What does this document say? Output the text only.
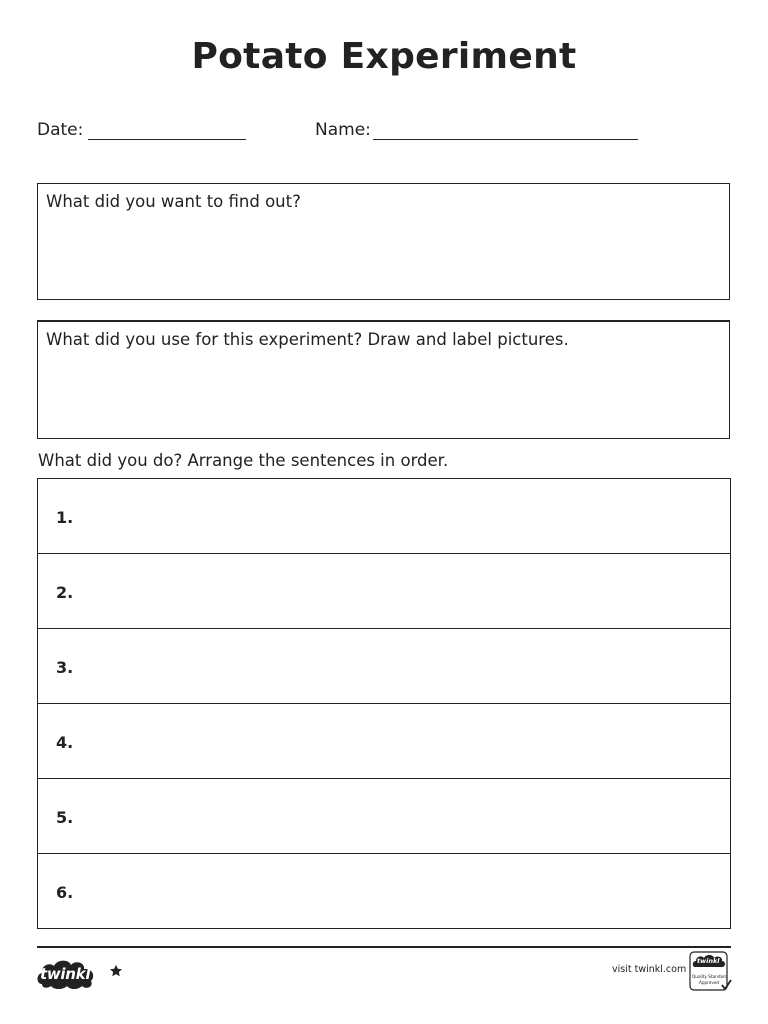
Potato Experiment
Date:	Name:
What did you want to find out?
What did you use for this experiment? Draw and label pictures.
What did you do? Arrange the sentences in order.
1.
2.
3.
4.
5.
6.
twinkl	visit twinkl.com
twinkl
Quality Standard
Approved
